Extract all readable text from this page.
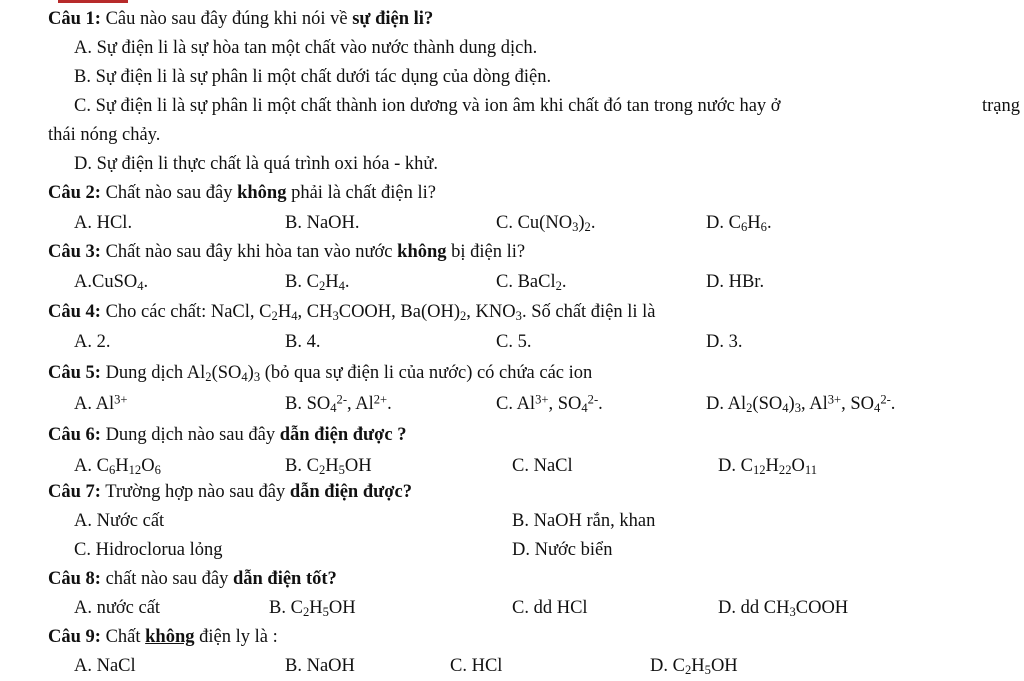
Câu 1: Câu nào sau đây đúng khi nói về sự điện li?
A. Sự điện li là sự hòa tan một chất vào nước thành dung dịch.
B. Sự điện li là sự phân li một chất dưới tác dụng của dòng điện.
C. Sự điện li là sự phân li một chất thành ion dương và ion âm khi chất đó tan trong nước hay ở	trạng
thái nóng chảy.
D. Sự điện li thực chất là quá trình oxi hóa - khử.
Câu 2: Chất nào sau đây không phải là chất điện li?
A. HCl.	B. NaOH.	C. $Cu(NO_3)_2$.	D. $C_6H_6$.
Câu 3: Chất nào sau đây khi hòa tan vào nước không bị điện li?
A.CuSO$_4$.	B. $C_2H_4$.	C. BaCl$_2$.	D. HBr.
Câu 4: Cho các chất: NaCl, $C_2H_4$, $CH_3COOH$, $Ba(OH)_2$, $KNO_3$. Số chất điện li là
A. 2.	B. 4.	C. 5.	D. 3.
Câu 5: Dung dịch $Al_2(SO_4)_3$ (bỏ qua sự điện li của nước) có chứa các ion
A. $Al^{3+}$	B. $SO_4^{2-}$, $Al^{2+}$.	C. $Al^{3+}$, $SO_4^{2-}$.	D. $Al_2(SO_4)_3$, $Al^{3+}$, $SO_4^{2-}$.
Câu 6: Dung dịch nào sau đây dẫn điện được ?
A. $C_6H_{12}O_6$	B. $C_2H_5OH$	C. NaCl	D. $C_{12}H_{22}O_{11}$
Câu 7: Trường hợp nào sau đây dẫn điện được?
A. Nước cất	B. NaOH rắn, khan
C. Hidroclorua lỏng	D. Nước biển
Câu 8: chất nào sau đây dẫn điện tốt?
A. nước cất	B. $C_2H_5OH$	C. dd HCl	D. dd $CH_3COOH$
Câu 9: Chất không điện ly là :
A. NaCl	B. NaOH	C. HCl	D. $C_2H_5OH$
